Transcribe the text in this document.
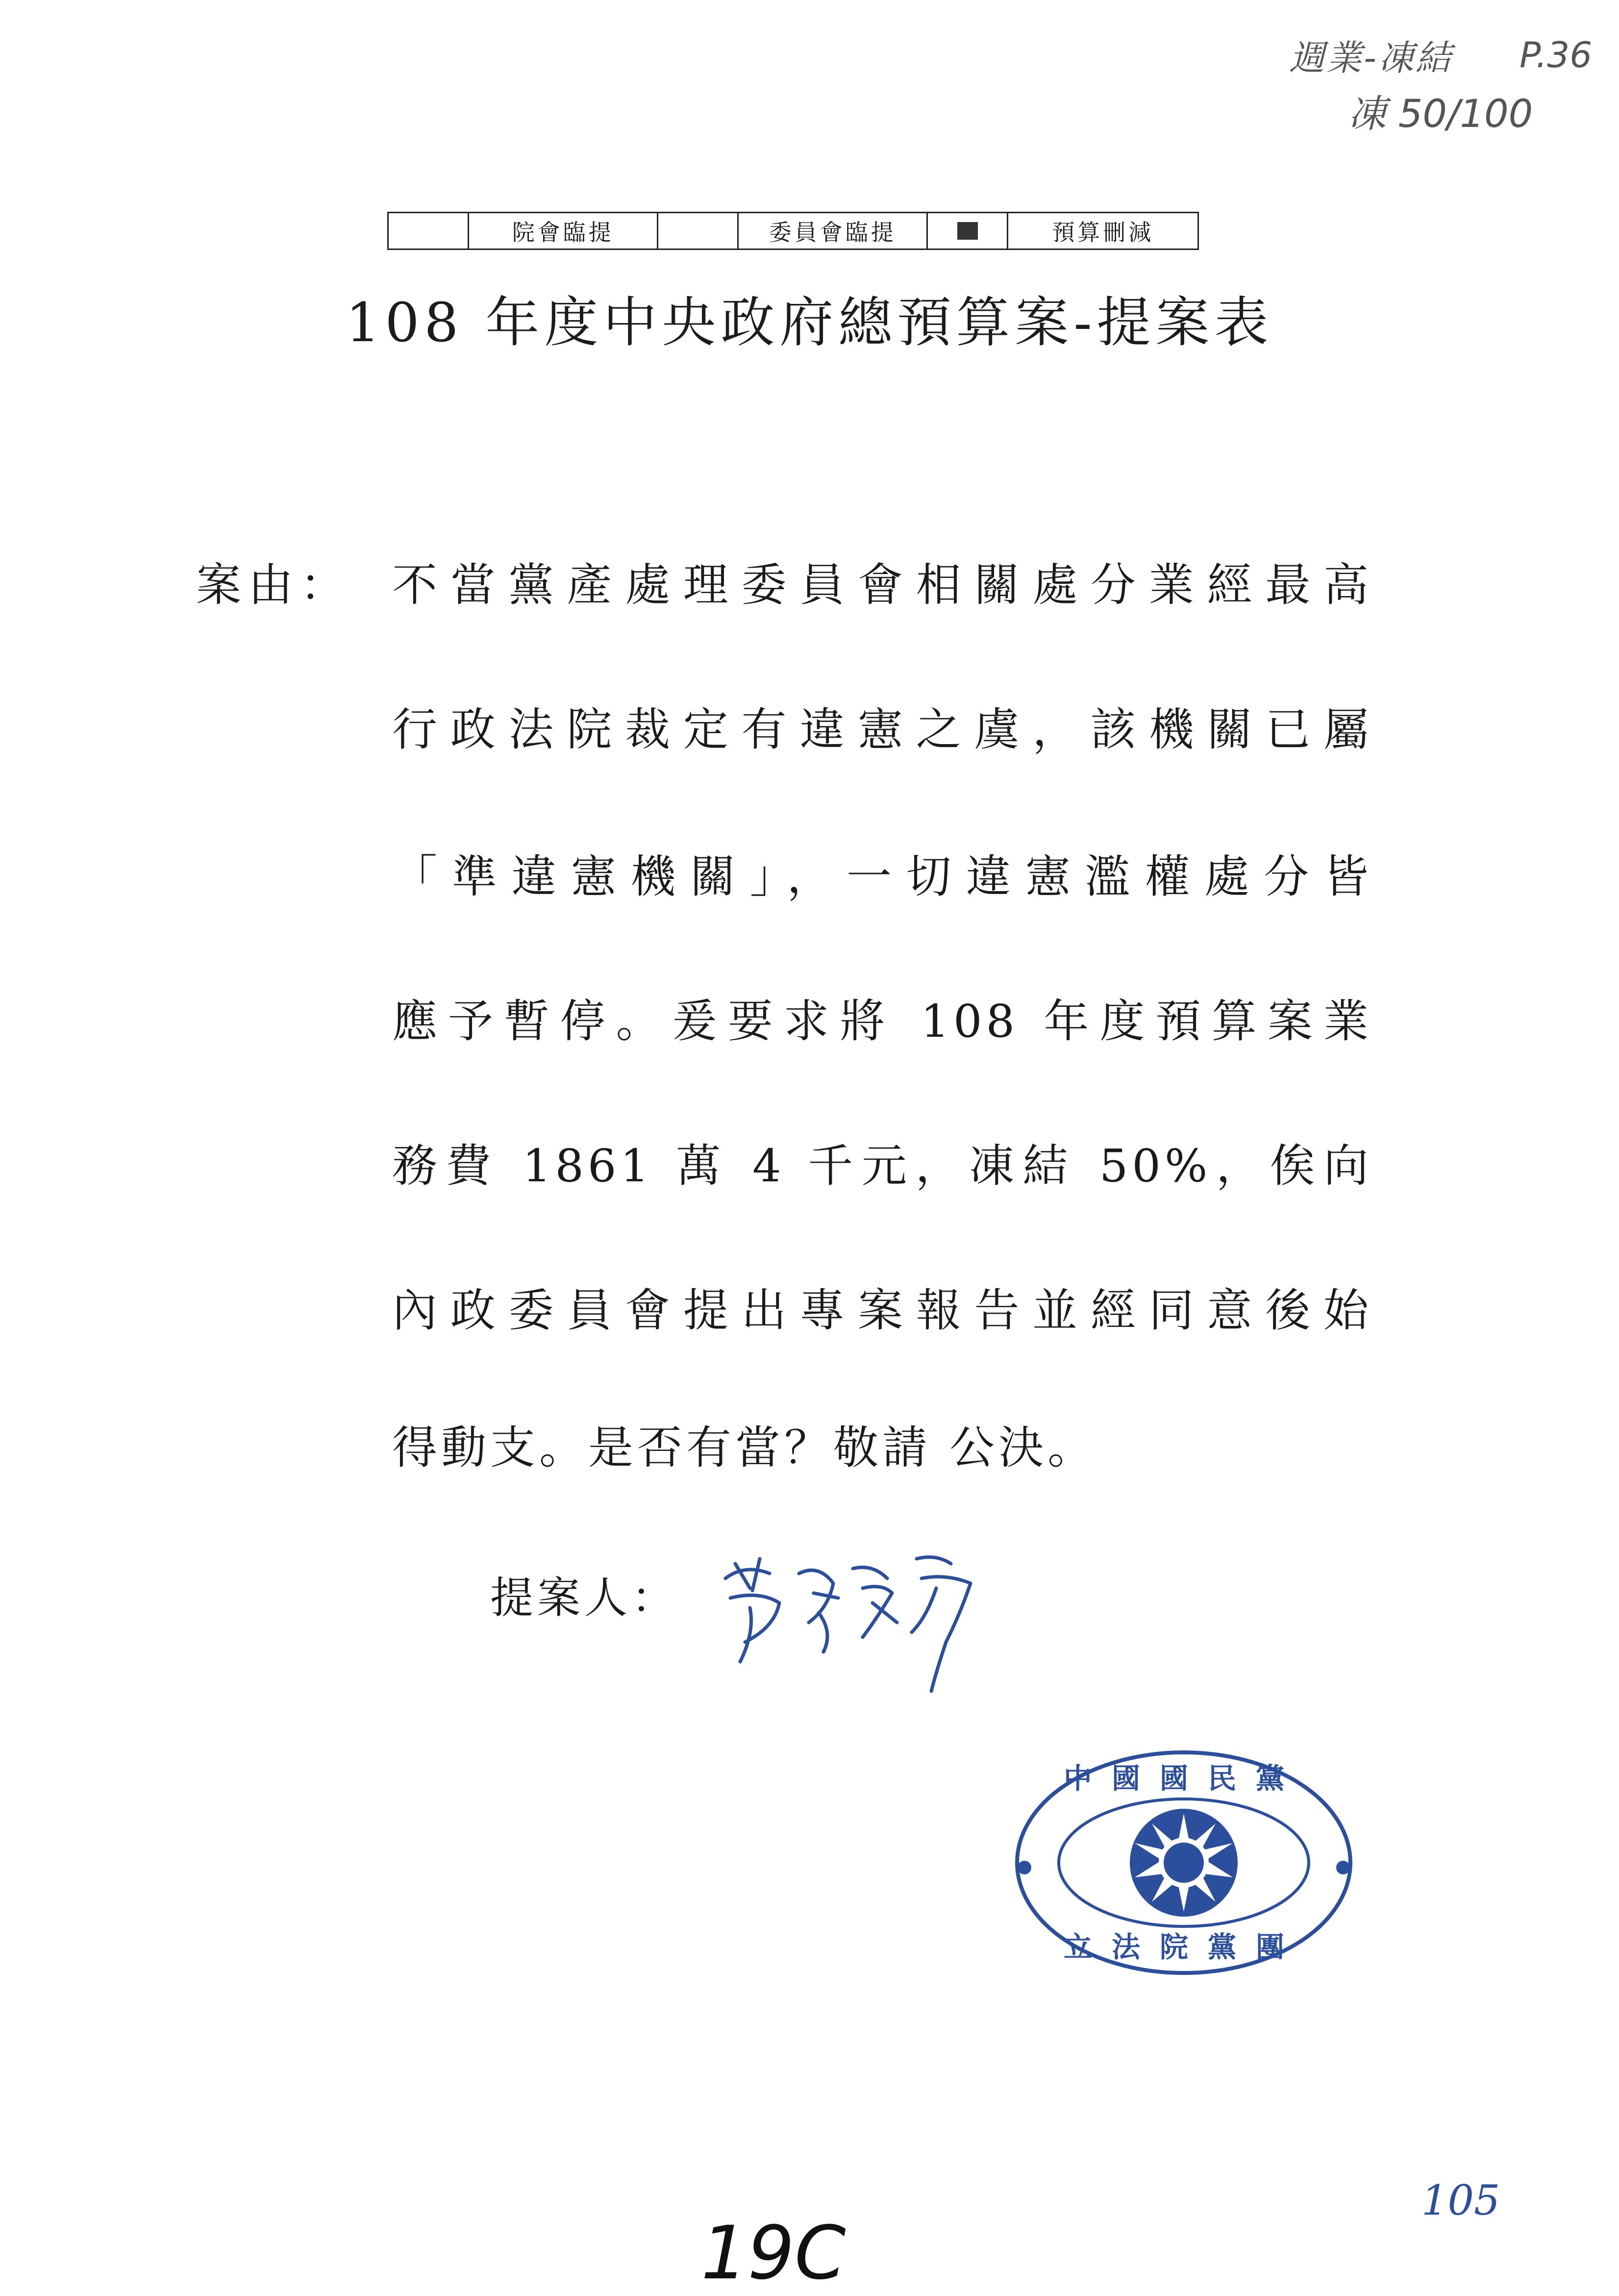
週業-凍結
凍 50/100
P.36
院會臨提	委員會臨提	預算刪減
108 年度中央政府總預算案-提案表
案由： 不當黨產處理委員會相關處分業經最高
行政法院裁定有違憲之虞，該機關已屬
「準違憲機關」，一切違憲濫權處分皆
應予暫停。爰要求將 108 年度預算案業
務費 1861 萬 4 千元，凍結 50%，俟向
內政委員會提出專案報告並經同意後始
得動支。是否有當？敬請 公決。
提案人：
中國國民黨
立法院黨團
105
19C
